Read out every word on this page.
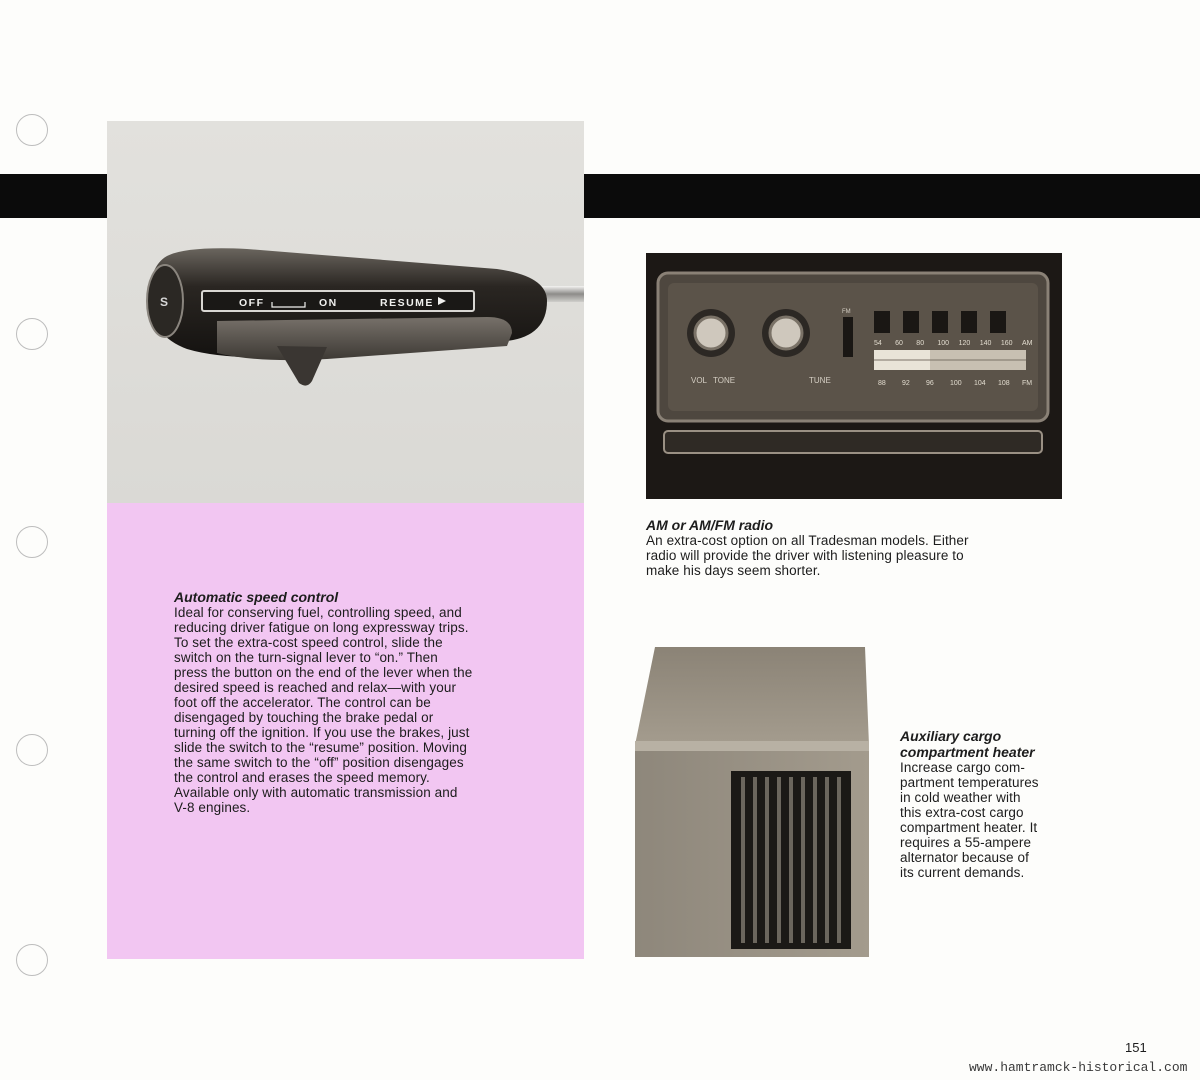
S	OFF	ON	RESUME

Automatic speed control

Ideal for conserving fuel, controlling speed, and

reducing driver fatigue on long expressway trips.

To set the extra-cost speed control, slide the

switch on the turn-signal lever to “on.” Then

press the button on the end of the lever when the

desired speed is reached and relax—with your

foot off the accelerator. The control can be

disengaged by touching the brake pedal or

turning off the ignition. If you use the brakes, just

slide the switch to the “resume” position. Moving

the same switch to the “off” position disengages

the control and erases the speed memory.

Available only with automatic transmission and

V-8 engines.

VOL TONE	TUNE
FM
54 60 80 100 120 140 160 AM
88 92 96 100 104 108 FM

AM or AM/FM radio

An extra-cost option on all Tradesman models. Either

radio will provide the driver with listening pleasure to

make his days seem shorter.

Auxiliary cargo

compartment heater

Increase cargo com-

partment temperatures

in cold weather with

this extra-cost cargo

compartment heater. It

requires a 55-ampere

alternator because of

its current demands.

151
www.hamtramck-historical.com
